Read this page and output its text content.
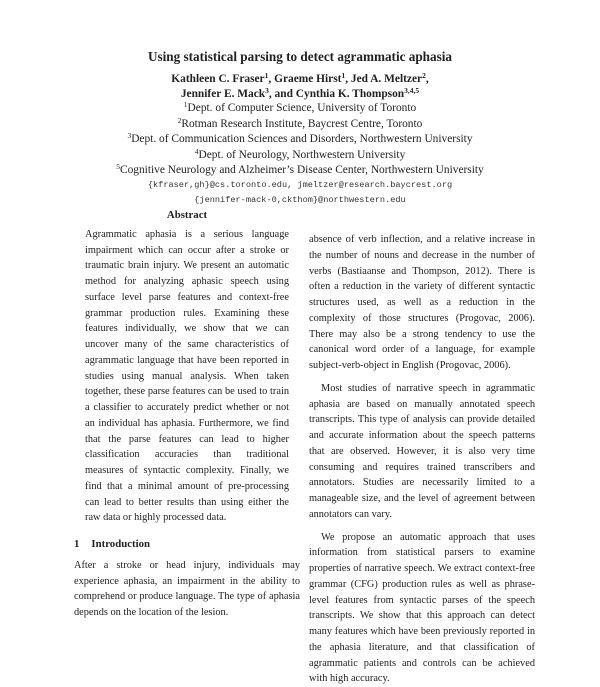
Using statistical parsing to detect agrammatic aphasia
Kathleen C. Fraser$^1$, Graeme Hirst$^1$, Jed A. Meltzer$^2$,
Jennifer E. Mack$^3$, and Cynthia K. Thompson$^{3,4,5}$
$^1$Dept. of Computer Science, University of Toronto
$^2$Rotman Research Institute, Baycrest Centre, Toronto
$^3$Dept. of Communication Sciences and Disorders, Northwestern University
$^4$Dept. of Neurology, Northwestern University
$^5$Cognitive Neurology and Alzheimer’s Disease Center, Northwestern University
{kfraser,gh}@cs.toronto.edu, jmeltzer@research.baycrest.org
{jennifer-mack-0,ckthom}@northwestern.edu
Abstract

Agrammatic aphasia is a serious language impairment which can occur after a stroke or traumatic brain injury. We present an automatic method for analyzing aphasic speech using surface level parse features and context-free grammar production rules. Examining these features individually, we show that we can uncover many of the same characteristics of agrammatic language that have been reported in studies using manual analysis. When taken together, these parse features can be used to train a classifier to accurately predict whether or not an individual has aphasia. Furthermore, we find that the parse features can lead to higher classification accuracies than traditional measures of syntactic complexity. Finally, we find that a minimal amount of pre-processing can lead to better results than using either the raw data or highly processed data.

1 Introduction

After a stroke or head injury, individuals may experience aphasia, an impairment in the ability to comprehend or produce language. The type of aphasia depends on the location of the lesion.

absence of verb inflection, and a relative increase in the number of nouns and decrease in the number of verbs (Bastiaanse and Thompson, 2012). There is often a reduction in the variety of different syntactic structures used, as well as a reduction in the complexity of those structures (Progovac, 2006). There may also be a strong tendency to use the canonical word order of a language, for example subject-verb-object in English (Progovac, 2006).

Most studies of narrative speech in agrammatic aphasia are based on manually annotated speech transcripts. This type of analysis can provide detailed and accurate information about the speech patterns that are observed. However, it is also very time consuming and requires trained transcribers and annotators. Studies are necessarily limited to a manageable size, and the level of agreement between annotators can vary.

We propose an automatic approach that uses information from statistical parsers to examine properties of narrative speech. We extract context-free grammar (CFG) production rules as well as phrase-level features from syntactic parses of the speech transcripts. We show that this approach can detect many features which have been previously reported in the aphasia literature, and that classification of agrammatic patients and controls can be achieved with high accuracy.
